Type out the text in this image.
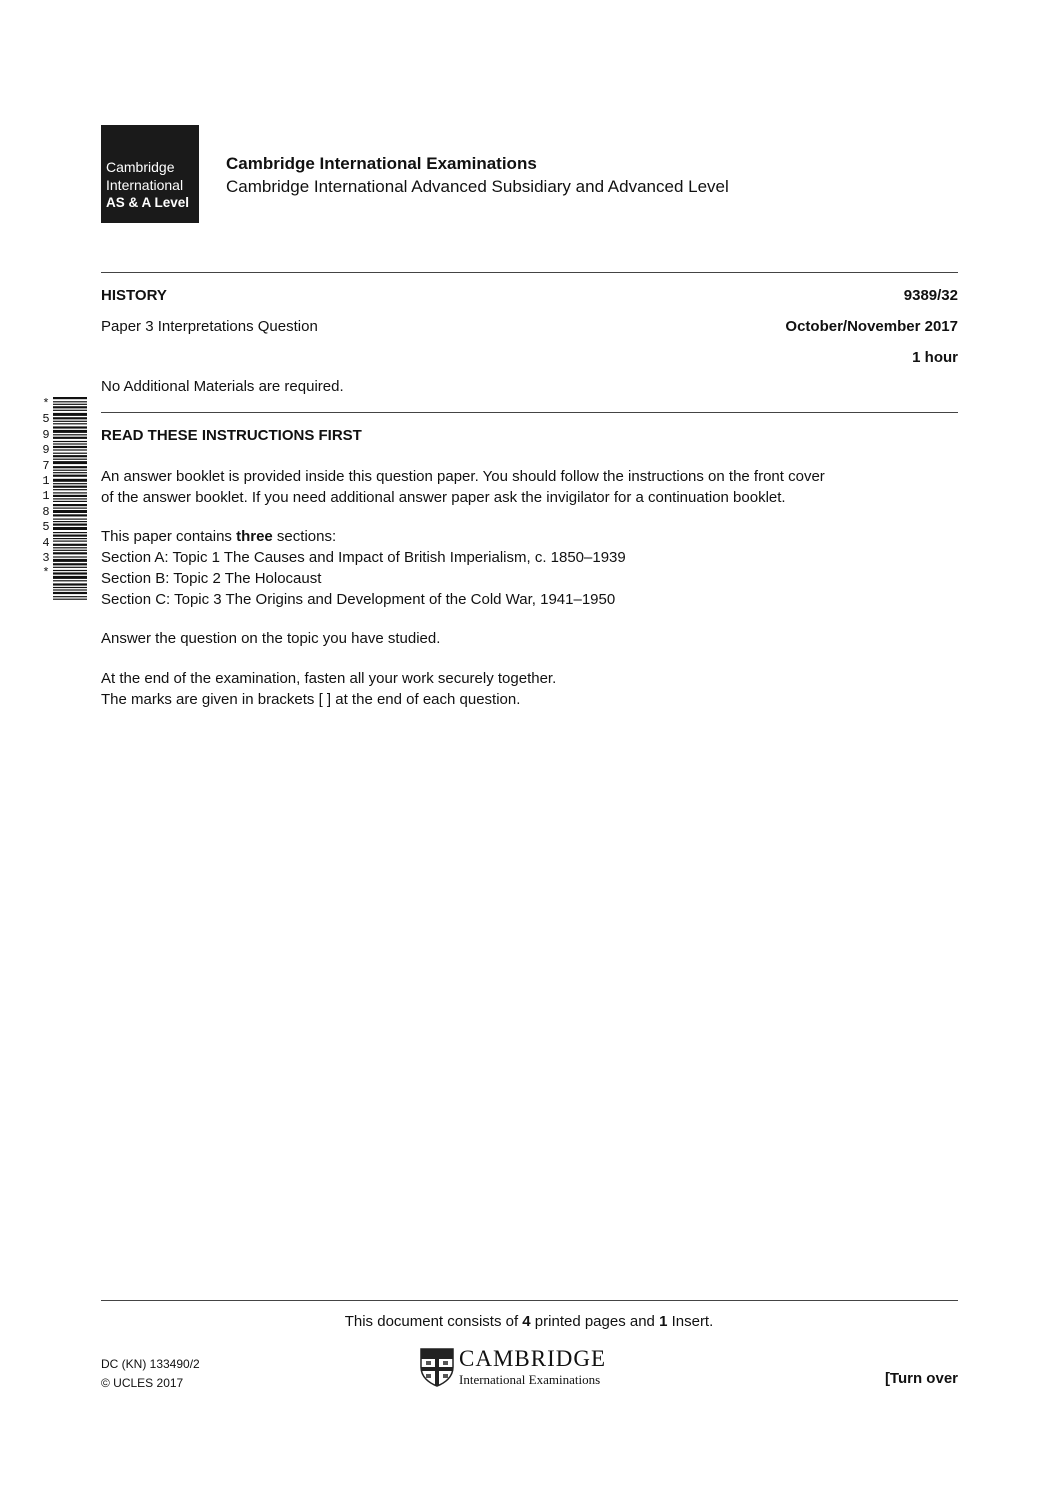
Cambridge
International
AS & A Level
Cambridge International Examinations
Cambridge International Advanced Subsidiary and Advanced Level
HISTORY	9389/32
Paper 3 Interpretations Question	October/November 2017
1 hour
No Additional Materials are required.
*
5
9
9
7
1
1
8
5
4
3
*
READ THESE INSTRUCTIONS FIRST

An answer booklet is provided inside this question paper. You should follow the instructions on the front cover

of the answer booklet. If you need additional answer paper ask the invigilator for a continuation booklet.

This paper contains three sections:

Section A: Topic 1 The Causes and Impact of British Imperialism, c. 1850–1939

Section B: Topic 2 The Holocaust

Section C: Topic 3 The Origins and Development of the Cold War, 1941–1950

Answer the question on the topic you have studied.

At the end of the examination, fasten all your work securely together.

The marks are given in brackets [ ] at the end of each question.

This document consists of 4 printed pages and 1 Insert.
DC (KN) 133490/2
© UCLES 2017
CAMBRIDGE
International Examinations	[Turn over
